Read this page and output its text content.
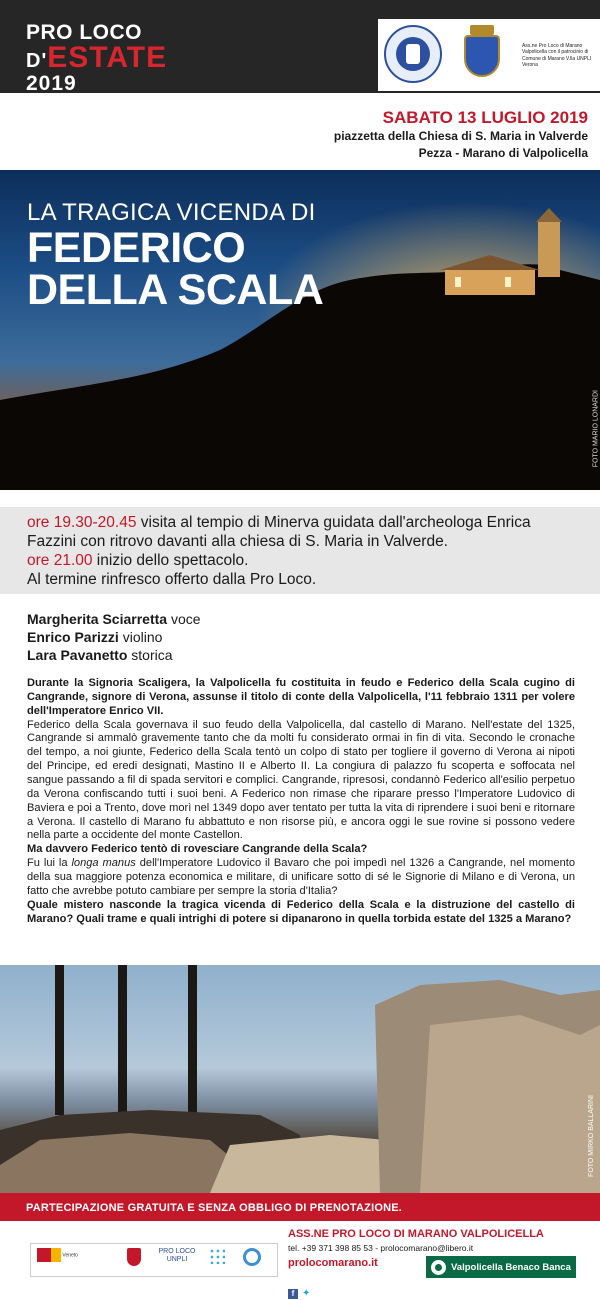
PRO LOCO
D'ESTATE
2019
Ass.ne Pro Loco di Marano Valpolicella con il patrocinio di Comune di Marano V.lla UNPLI Verona
SABATO 13 LUGLIO 2019
piazzetta della Chiesa di S. Maria in Valverde
Pezza - Marano di Valpolicella
LA TRAGICA VICENDA DI
FEDERICO
DELLA SCALA
FOTO MARIO LONARDI
ore 19.30-20.45 visita al tempio di Minerva guidata dall'archeologa Enrica Fazzini con ritrovo davanti alla chiesa di S. Maria in Valverde.
ore 21.00 inizio dello spettacolo.
Al termine rinfresco offerto dalla Pro Loco.
Margherita Sciarretta voce
Enrico Parizzi violino
Lara Pavanetto storica

Durante la Signoria Scaligera, la Valpolicella fu costituita in feudo e Federico della Scala cugino di Cangrande, signore di Verona, assunse il titolo di conte della Valpolicella, l'11 febbraio 1311 per volere dell'Imperatore Enrico VII.

Federico della Scala governava il suo feudo della Valpolicella, dal castello di Marano. Nell'estate del 1325, Cangrande si ammalò gravemente tanto che da molti fu considerato ormai in fin di vita. Secondo le cronache del tempo, a noi giunte, Federico della Scala tentò un colpo di stato per togliere il governo di Verona ai nipoti del Principe, ed eredi designati, Mastino II e Alberto II. La congiura di palazzo fu scoperta e soffocata nel sangue passando a fil di spada servitori e complici. Cangrande, ripresosi, condannò Federico all'esilio perpetuo da Verona confiscando tutti i suoi beni. A Federico non rimase che riparare presso l'Imperatore Ludovico di Baviera e poi a Trento, dove morì nel 1349 dopo aver tentato per tutta la vita di riprendere i suoi beni e ritornare a Verona. Il castello di Marano fu abbattuto e non risorse più, e ancora oggi le sue rovine si possono vedere nella parte a occidente del monte Castellon.

Ma davvero Federico tentò di rovesciare Cangrande della Scala?

Fu lui la longa manus dell'Imperatore Ludovico il Bavaro che poi impedì nel 1326 a Cangrande, nel momento della sua maggiore potenza economica e militare, di unificare sotto di sé le Signorie di Milano e di Verona, un fatto che avrebbe potuto cambiare per sempre la storia d'Italia?

Quale mistero nasconde la tragica vicenda di Federico della Scala e la distruzione del castello di Marano? Quali trame e quali intrighi di potere si dipanarono in quella torbida estate del 1325 a Marano?

FOTO MIRKO BALLARINI
PARTECIPAZIONE GRATUITA E SENZA OBBLIGO DI PRENOTAZIONE.
Veneto
PRO LOCO UNPLI
ASS.NE PRO LOCO DI MARANO VALPOLICELLA
tel. +39 371 398 85 53 - prolocomarano@libero.it
prolocomarano.it
f ✦
Valpolicella Benaco Banca
